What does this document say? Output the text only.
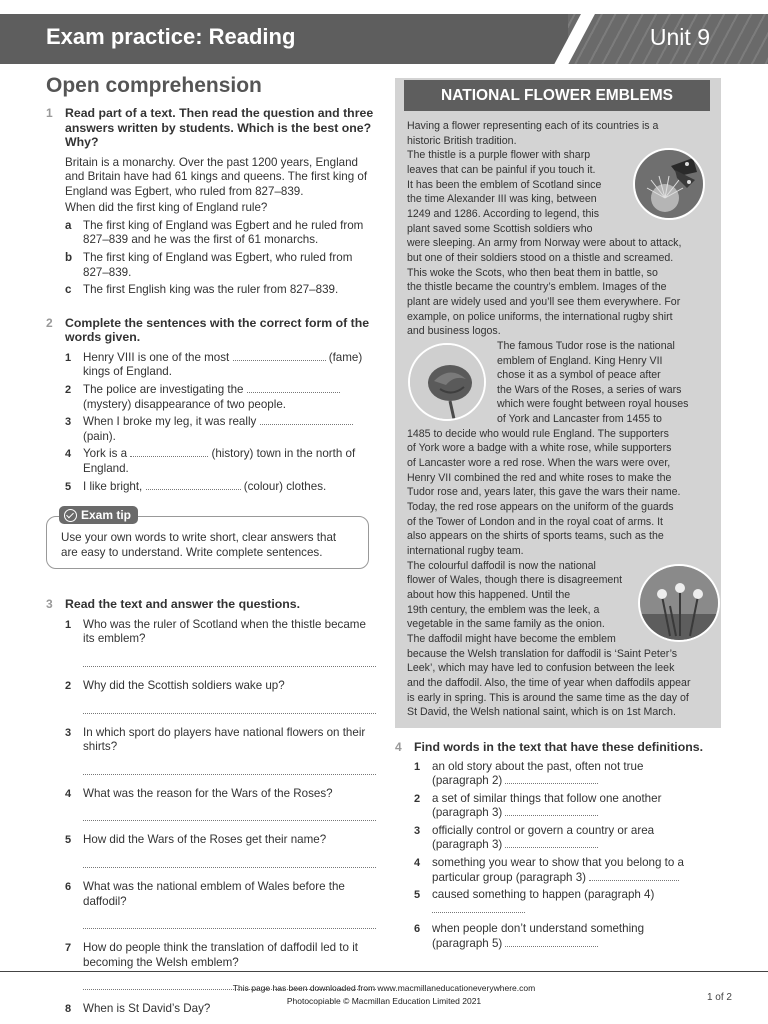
Exam practice: Reading	Unit 9
Open comprehension
1 Read part of a text. Then read the question and three answers written by students. Which is the best one? Why?
Britain is a monarchy. Over the past 1200 years, England and Britain have had 61 kings and queens. The first king of England was Egbert, who ruled from 827–839.
When did the first king of England rule?
a The first king of England was Egbert and he ruled from 827–839 and he was the first of 61 monarchs.
b The first king of England was Egbert, who ruled from 827–839.
c The first English king was the ruler from 827–839.
2 Complete the sentences with the correct form of the words given.
1 Henry VIII is one of the most	(fame) kings of England.
2 The police are investigating the  (mystery) disappearance of two people.
3 When I broke my leg, it was really  (pain).
4 York is a	(history) town in the north of England.
5 I like bright,	(colour) clothes.
Exam tip
Use your own words to write short, clear answers that are easy to understand. Write complete sentences.
3 Read the text and answer the questions.
1 Who was the ruler of Scotland when the thistle became its emblem?
2 Why did the Scottish soldiers wake up?
3 In which sport do players have national flowers on their shirts?
4 What was the reason for the Wars of the Roses?
5 How did the Wars of the Roses get their name?
6 What was the national emblem of Wales before the daffodil?
7 How do people think the translation of daffodil led to it becoming the Welsh emblem?
8 When is St David’s Day?
NATIONAL FLOWER EMBLEMS
Having a flower representing each of its countries is a
historic British tradition.
The thistle is a purple flower with sharp
leaves that can be painful if you touch it.
It has been the emblem of Scotland since
the time Alexander III was king, between
1249 and 1286. According to legend, this
plant saved some Scottish soldiers who
were sleeping. An army from Norway were about to attack,
but one of their soldiers stood on a thistle and screamed.
This woke the Scots, who then beat them in battle, so
the thistle became the country’s emblem. Images of the
plant are widely used and you’ll see them everywhere. For
example, on police uniforms, the international rugby shirt
and business logos.
The famous Tudor rose is the national
emblem of England. King Henry VII
chose it as a symbol of peace after
the Wars of the Roses, a series of wars
which were fought between royal houses
of York and Lancaster from 1455 to
1485 to decide who would rule England. The supporters
of York wore a badge with a white rose, while supporters
of Lancaster wore a red rose. When the wars were over,
Henry VII combined the red and white roses to make the
Tudor rose and, years later, this gave the wars their name.
Today, the red rose appears on the uniform of the guards
of the Tower of London and in the royal coat of arms. It
also appears on the shirts of sports teams, such as the
international rugby team.
The colourful daffodil is now the national
flower of Wales, though there is disagreement
about how this happened. Until the
19th century, the emblem was the leek, a
vegetable in the same family as the onion.
The daffodil might have become the emblem
because the Welsh translation for daffodil is ‘Saint Peter’s
Leek’, which may have led to confusion between the leek
and the daffodil. Also, the time of year when daffodils appear
is early in spring. This is around the same time as the day of
St David, the Welsh national saint, which is on 1st March.
4 Find words in the text that have these definitions.
1 an old story about the past, often not true
(paragraph 2)
2 a set of similar things that follow one another
(paragraph 3)
3 officially control or govern a country or area
(paragraph 3)
4 something you wear to show that you belong to a
particular group (paragraph 3)
5 caused something to happen (paragraph 4)
6 when people don’t understand something
(paragraph 5)
This page has been downloaded from www.macmillaneducationeverywhere.com
Photocopiable © Macmillan Education Limited 2021	1 of 2
